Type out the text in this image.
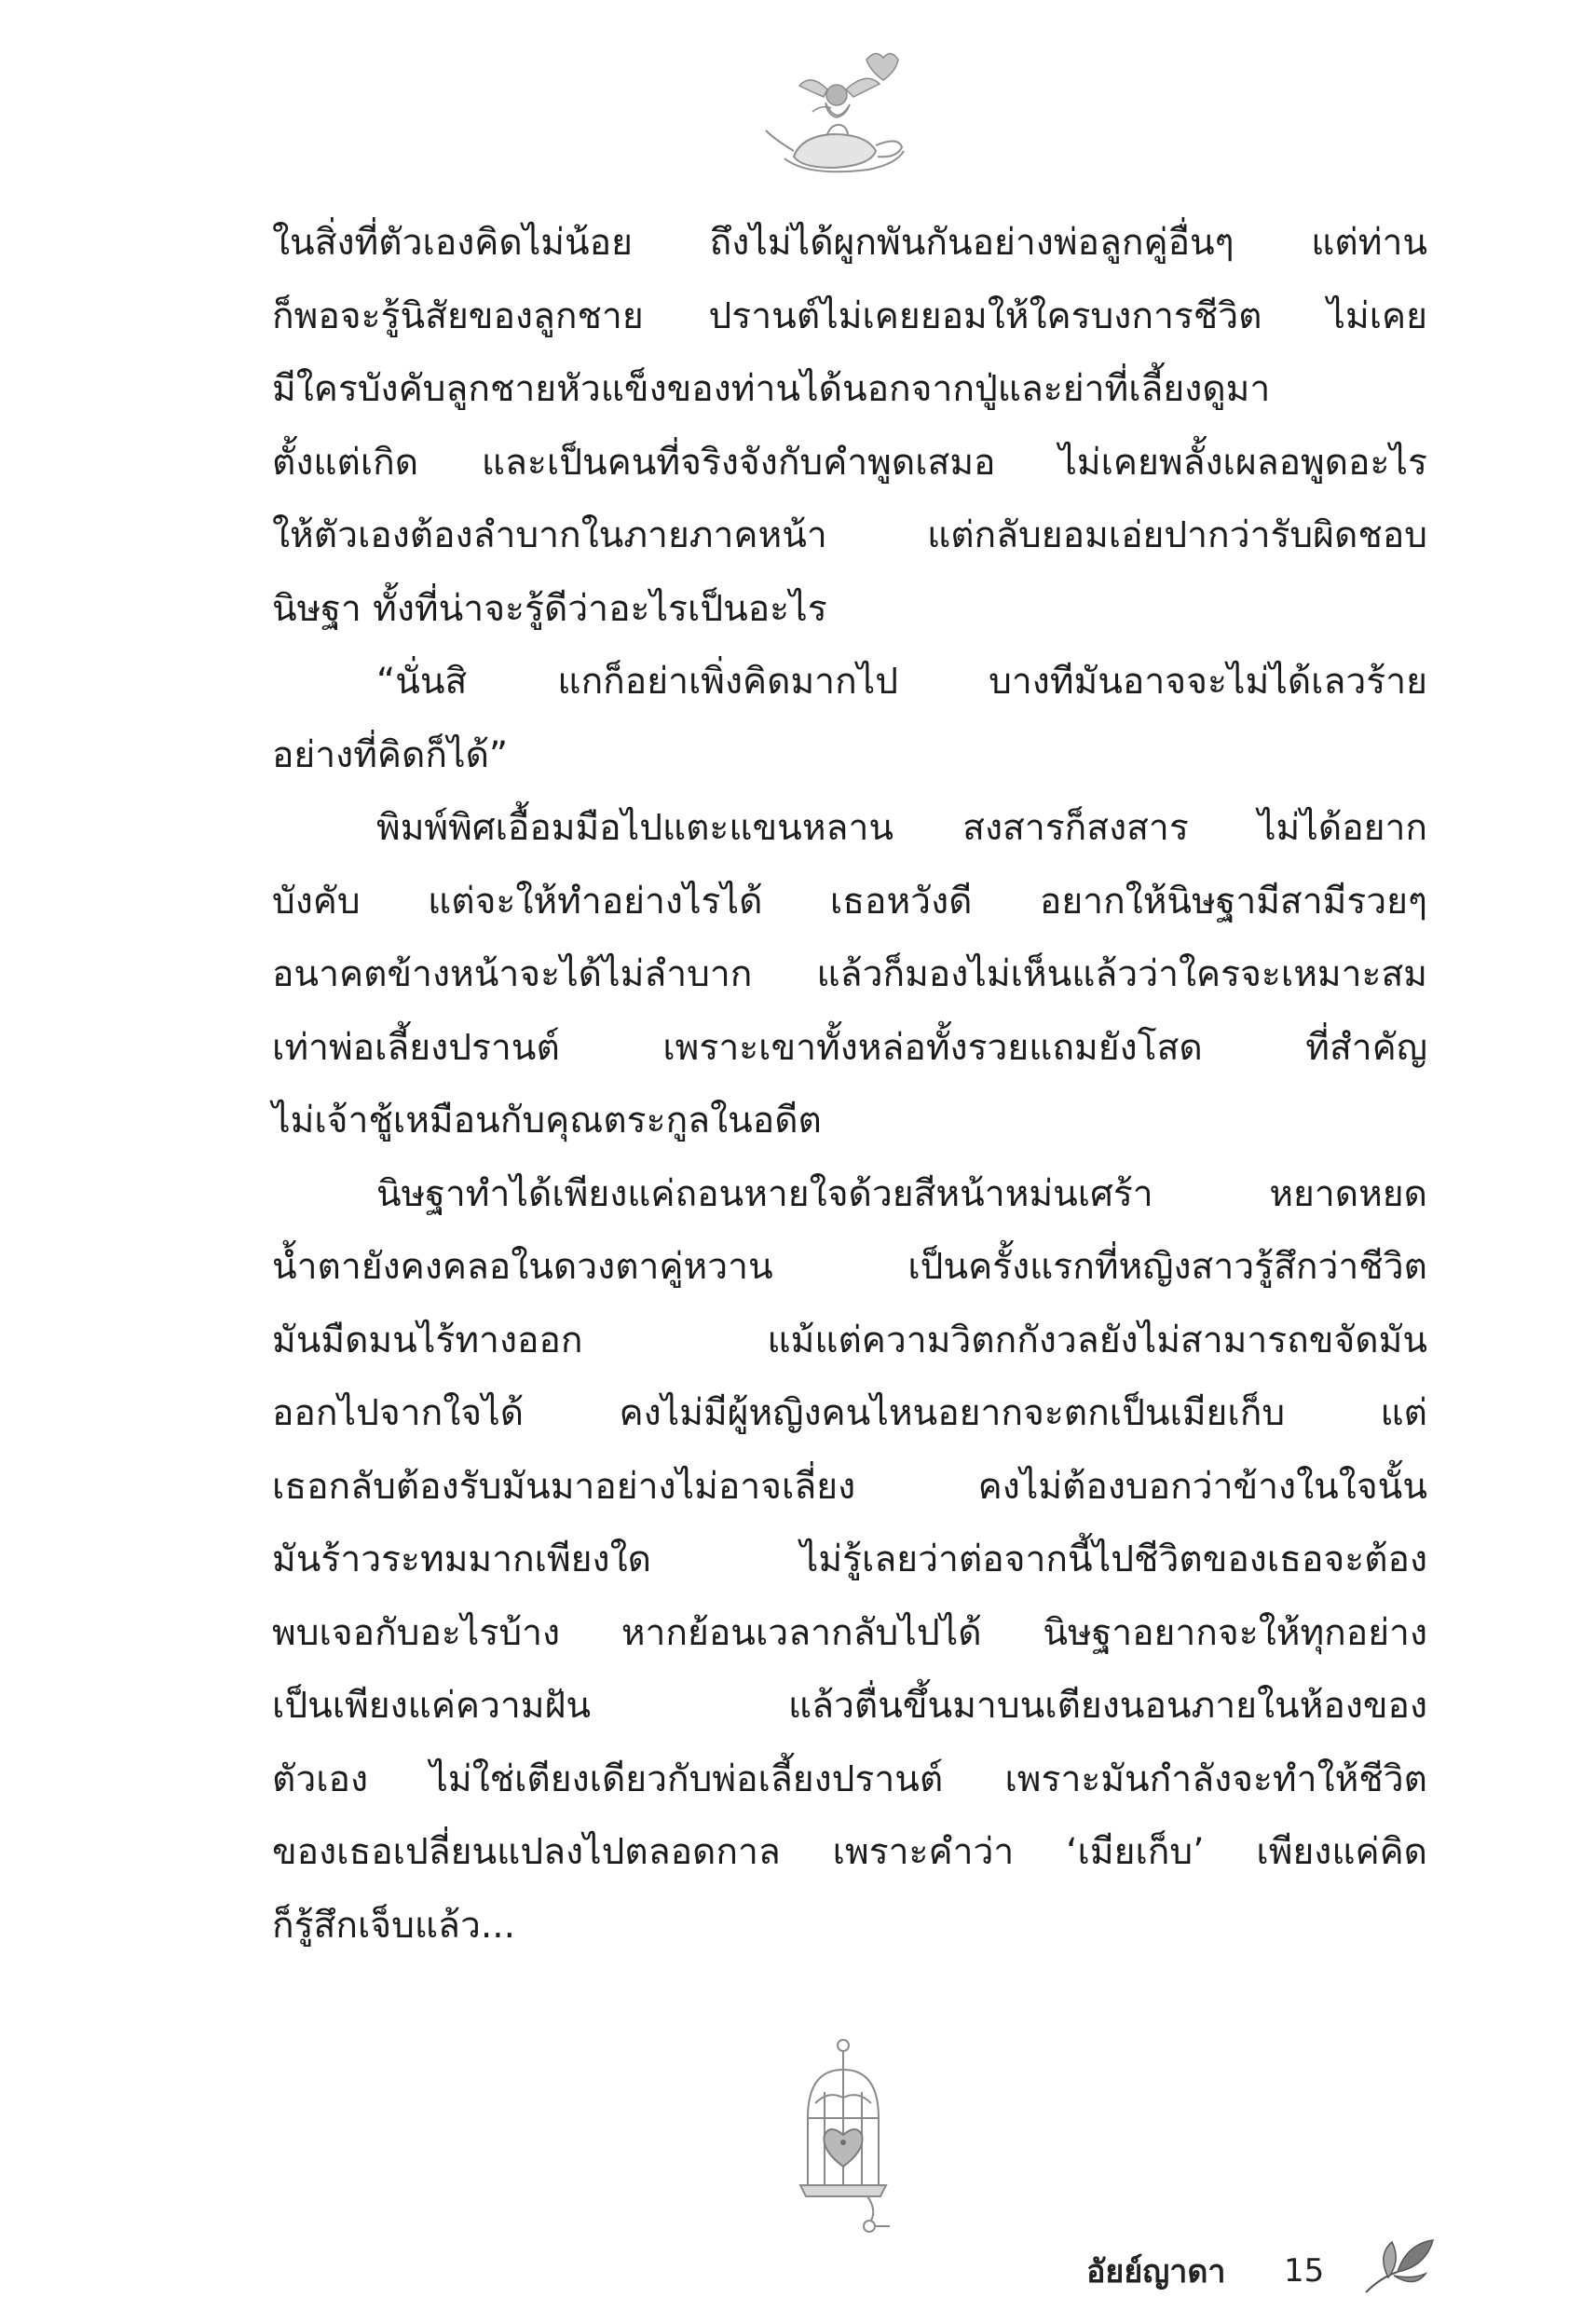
ในสิ่งที่ตัวเองคิดไม่น้อย ถึงไม่ได้ผูกพันกันอย่างพ่อลูกคู่อื่นๆ แต่ท่าน
ก็พอจะรู้นิสัยของลูกชาย ปรานต์ไม่เคยยอมให้ใครบงการชีวิต ไม่เคย
มีใครบังคับลูกชายหัวแข็งของท่านได้นอกจากปู่และย่าที่เลี้ยงดูมา
ตั้งแต่เกิด และเป็นคนที่จริงจังกับคำพูดเสมอ ไม่เคยพลั้งเผลอพูดอะไร
ให้ตัวเองต้องลำบากในภายภาคหน้า แต่กลับยอมเอ่ยปากว่ารับผิดชอบ
นิษฐา ทั้งที่น่าจะรู้ดีว่าอะไรเป็นอะไร
“นั่นสิ แกก็อย่าเพิ่งคิดมากไป บางทีมันอาจจะไม่ได้เลวร้าย
อย่างที่คิดก็ได้”
พิมพ์พิศเอื้อมมือไปแตะแขนหลาน สงสารก็สงสาร ไม่ได้อยาก
บังคับ แต่จะให้ทำอย่างไรได้ เธอหวังดี อยากให้นิษฐามีสามีรวยๆ
อนาคตข้างหน้าจะได้ไม่ลำบาก แล้วก็มองไม่เห็นแล้วว่าใครจะเหมาะสม
เท่าพ่อเลี้ยงปรานต์ เพราะเขาทั้งหล่อทั้งรวยแถมยังโสด ที่สำคัญ
ไม่เจ้าชู้เหมือนกับคุณตระกูลในอดีต
นิษฐาทำได้เพียงแค่ถอนหายใจด้วยสีหน้าหม่นเศร้า หยาดหยด
น้ำตายังคงคลอในดวงตาคู่หวาน เป็นครั้งแรกที่หญิงสาวรู้สึกว่าชีวิต
มันมืดมนไร้ทางออก แม้แต่ความวิตกกังวลยังไม่สามารถขจัดมัน
ออกไปจากใจได้ คงไม่มีผู้หญิงคนไหนอยากจะตกเป็นเมียเก็บ แต่
เธอกลับต้องรับมันมาอย่างไม่อาจเลี่ยง คงไม่ต้องบอกว่าข้างในใจนั้น
มันร้าวระทมมากเพียงใด ไม่รู้เลยว่าต่อจากนี้ไปชีวิตของเธอจะต้อง
พบเจอกับอะไรบ้าง หากย้อนเวลากลับไปได้ นิษฐาอยากจะให้ทุกอย่าง
เป็นเพียงแค่ความฝัน แล้วตื่นขึ้นมาบนเตียงนอนภายในห้องของ
ตัวเอง ไม่ใช่เตียงเดียวกับพ่อเลี้ยงปรานต์ เพราะมันกำลังจะทำให้ชีวิต
ของเธอเปลี่ยนแปลงไปตลอดกาล เพราะคำว่า ‘เมียเก็บ’ เพียงแค่คิด
ก็รู้สึกเจ็บแล้ว...
อัยย์ญาดา 15
